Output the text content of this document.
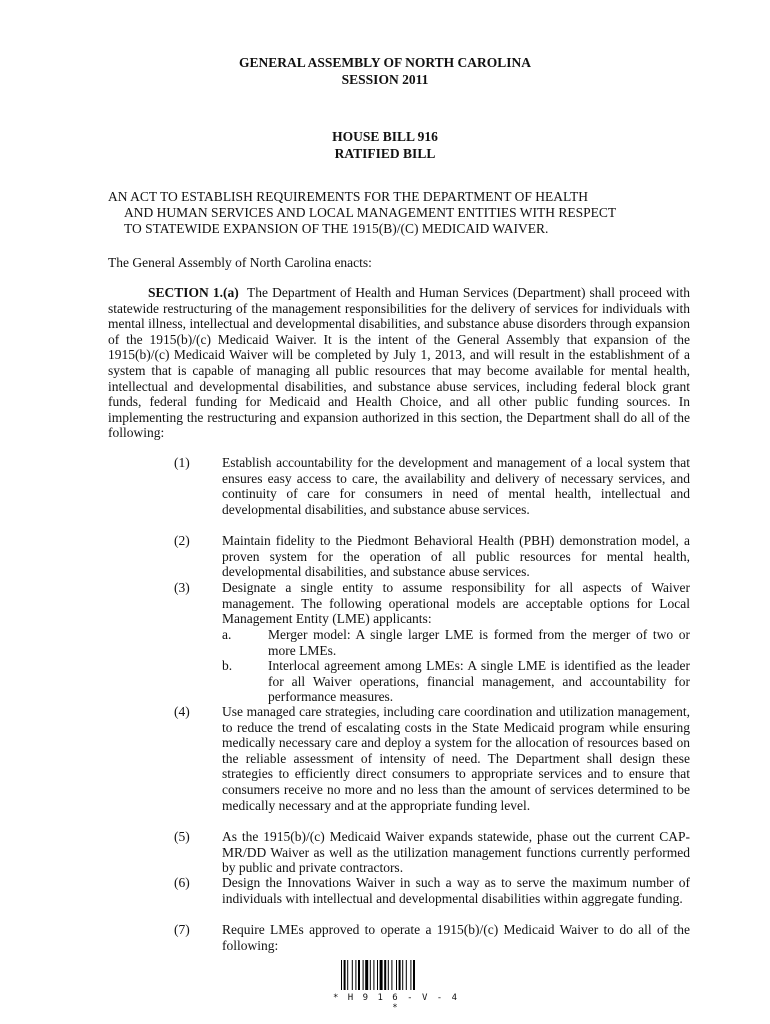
GENERAL ASSEMBLY OF NORTH CAROLINA
SESSION 2011
HOUSE BILL 916
RATIFIED BILL
AN ACT TO ESTABLISH REQUIREMENTS FOR THE DEPARTMENT OF HEALTH
AND HUMAN SERVICES AND LOCAL MANAGEMENT ENTITIES WITH RESPECT
TO STATEWIDE EXPANSION OF THE 1915(B)/(C) MEDICAID WAIVER.
The General Assembly of North Carolina enacts:
SECTION 1.(a) The Department of Health and Human Services (Department) shall proceed with statewide restructuring of the management responsibilities for the delivery of services for individuals with mental illness, intellectual and developmental disabilities, and substance abuse disorders through expansion of the 1915(b)/(c) Medicaid Waiver. It is the intent of the General Assembly that expansion of the 1915(b)/(c) Medicaid Waiver will be completed by July 1, 2013, and will result in the establishment of a system that is capable of managing all public resources that may become available for mental health, intellectual and developmental disabilities, and substance abuse services, including federal block grant funds, federal funding for Medicaid and Health Choice, and all other public funding sources. In implementing the restructuring and expansion authorized in this section, the Department shall do all of the following:
(1)	Establish accountability for the development and management of a local system that ensures easy access to care, the availability and delivery of necessary services, and continuity of care for consumers in need of mental health, intellectual and developmental disabilities, and substance abuse services.
(2)	Maintain fidelity to the Piedmont Behavioral Health (PBH) demonstration model, a proven system for the operation of all public resources for mental health, developmental disabilities, and substance abuse services.
(3)	Designate a single entity to assume responsibility for all aspects of Waiver management. The following operational models are acceptable options for Local Management Entity (LME) applicants:
a.	Merger model: A single larger LME is formed from the merger of two or more LMEs.
b.	Interlocal agreement among LMEs: A single LME is identified as the leader for all Waiver operations, financial management, and accountability for performance measures.
(4)	Use managed care strategies, including care coordination and utilization management, to reduce the trend of escalating costs in the State Medicaid program while ensuring medically necessary care and deploy a system for the allocation of resources based on the reliable assessment of intensity of need. The Department shall design these strategies to efficiently direct consumers to appropriate services and to ensure that consumers receive no more and no less than the amount of services determined to be medically necessary and at the appropriate funding level.
(5)	As the 1915(b)/(c) Medicaid Waiver expands statewide, phase out the current CAP-MR/DD Waiver as well as the utilization management functions currently performed by public and private contractors.
(6)	Design the Innovations Waiver in such a way as to serve the maximum number of individuals with intellectual and developmental disabilities within aggregate funding.
(7)	Require LMEs approved to operate a 1915(b)/(c) Medicaid Waiver to do all of the following:
* H 9 1 6 - V - 4 *
